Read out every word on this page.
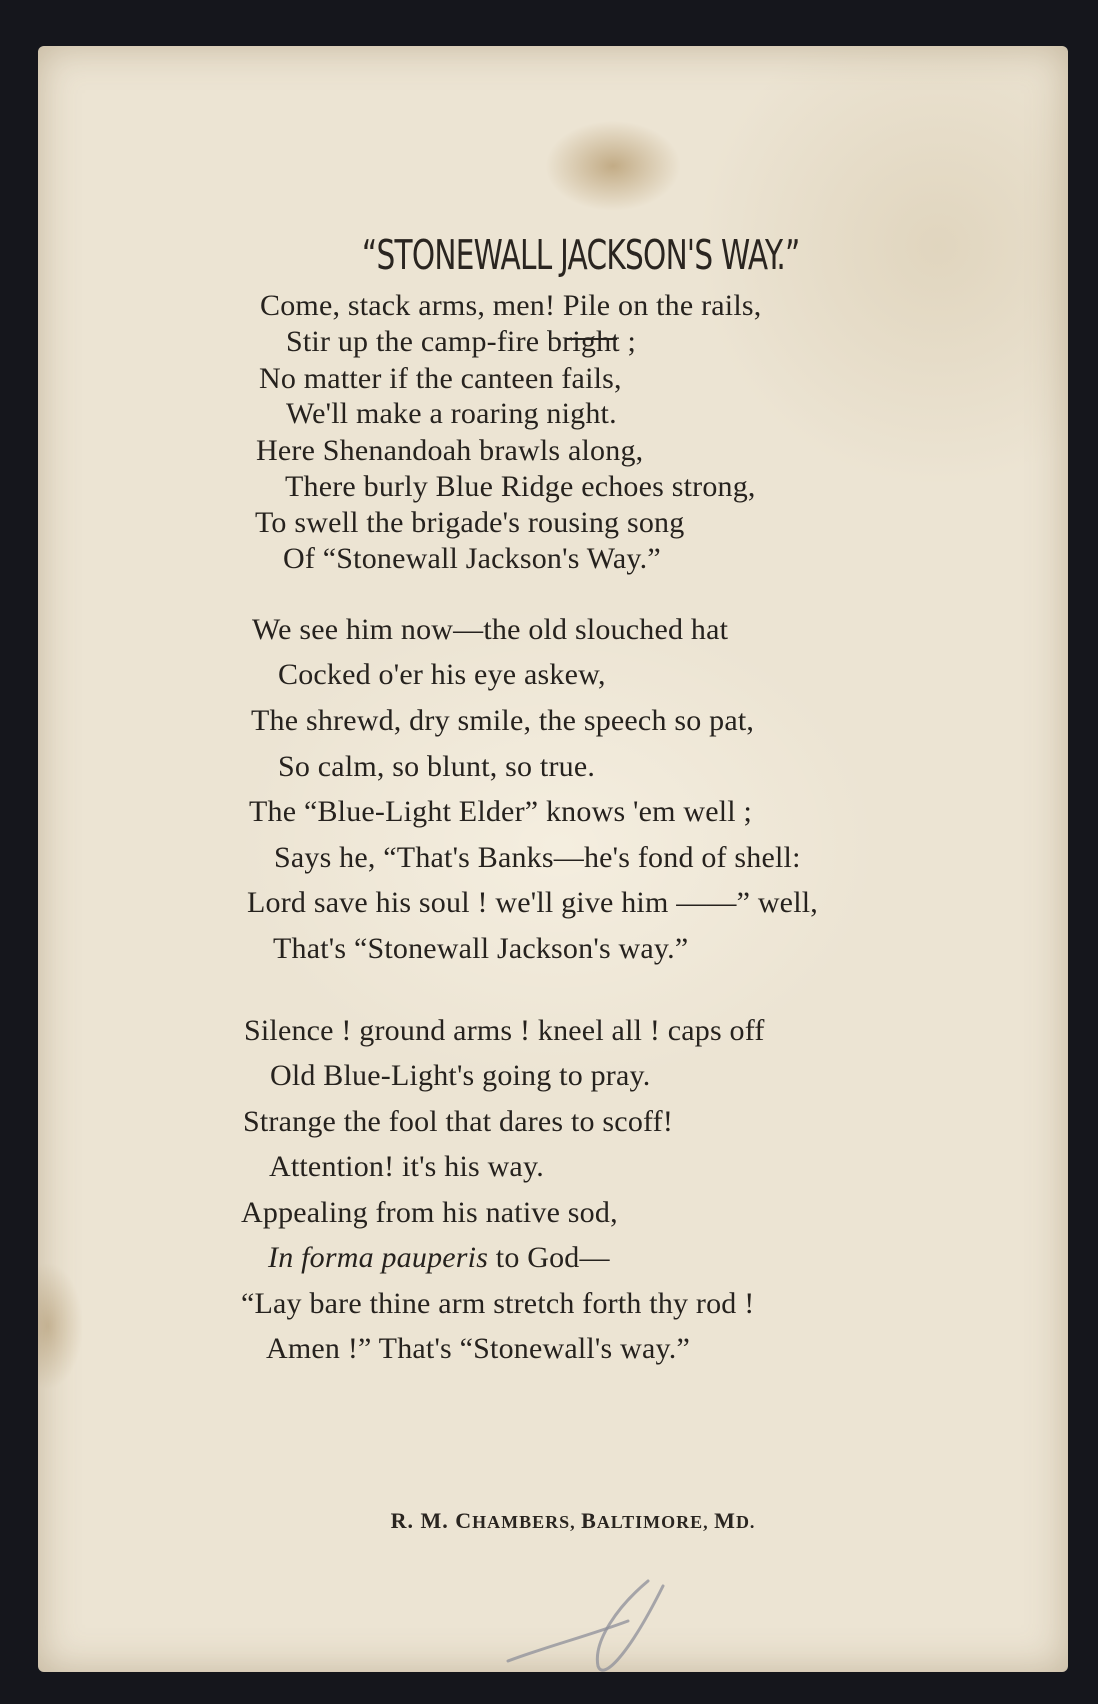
“STONEWALL JACKSON'S WAY.”
Come, stack arms, men! Pile on the rails,
Stir up the camp-fire bright ;
No matter if the canteen fails,
We'll make a roaring night.
Here Shenandoah brawls along,
There burly Blue Ridge echoes strong,
To swell the brigade's rousing song
Of “Stonewall Jackson's Way.”
We see him now—the old slouched hat
Cocked o'er his eye askew,
The shrewd, dry smile, the speech so pat,
So calm, so blunt, so true.
The “Blue-Light Elder” knows 'em well ;
Says he, “That's Banks—he's fond of shell:
Lord save his soul ! we'll give him ——” well,
That's “Stonewall Jackson's way.”
Silence ! ground arms ! kneel all ! caps off
Old Blue-Light's going to pray.
Strange the fool that dares to scoff!
Attention! it's his way.
Appealing from his native sod,
In forma pauperis to God—
“Lay bare thine arm stretch forth thy rod !
Amen !” That's “Stonewall's way.”
R. M. CHAMBERS, BALTIMORE, MD.
